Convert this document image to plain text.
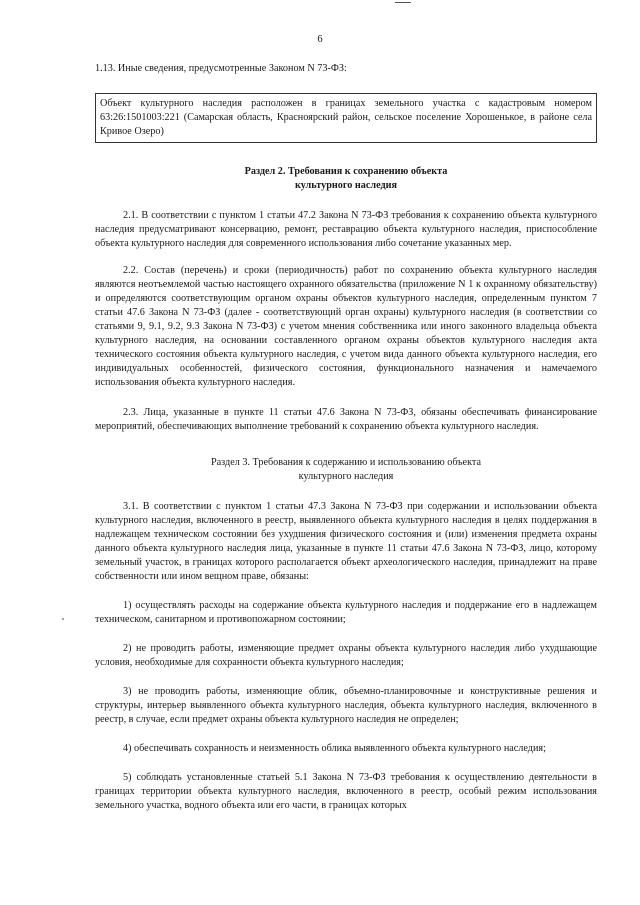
6

1.13. Иные сведения, предусмотренные Законом N 73-ФЗ:

Объект культурного наследия расположен в границах земельного участка с кадастровым номером 63:26:1501003:221 (Самарская область, Красноярский район, сельское поселение Хорошенькое, в районе села Кривое Озеро)
Раздел 2. Требования к сохранению объекта
культурного наследия

2.1. В соответствии с пунктом 1 статьи 47.2 Закона N 73-ФЗ требования к сохранению объекта культурного наследия предусматривают консервацию, ремонт, реставрацию объекта культурного наследия, приспособление объекта культурного наследия для современного использования либо сочетание указанных мер.

2.2. Состав (перечень) и сроки (периодичность) работ по сохранению объекта культурного наследия являются неотъемлемой частью настоящего охранного обязательства (приложение N 1 к охранному обязательству) и определяются соответствующим органом охраны объектов культурного наследия, определенным пунктом 7 статьи 47.6 Закона N 73-ФЗ (далее - соответствующий орган охраны) культурного наследия (в соответствии со статьями 9, 9.1, 9.2, 9.3 Закона N 73-ФЗ) с учетом мнения собственника или иного законного владельца объекта культурного наследия, на основании составленного органом охраны объектов культурного наследия акта технического состояния объекта культурного наследия, с учетом вида данного объекта культурного наследия, его индивидуальных особенностей, физического состояния, функционального назначения и намечаемого использования объекта культурного наследия.

2.3. Лица, указанные в пункте 11 статьи 47.6 Закона N 73-ФЗ, обязаны обеспечивать финансирование мероприятий, обеспечивающих выполнение требований к сохранению объекта культурного наследия.

Раздел 3. Требования к содержанию и использованию объекта
культурного наследия

3.1. В соответствии с пунктом 1 статьи 47.3 Закона N 73-ФЗ при содержании и использовании объекта культурного наследия, включенного в реестр, выявленного объекта культурного наследия в целях поддержания в надлежащем техническом состоянии без ухудшения физического состояния и (или) изменения предмета охраны данного объекта культурного наследия лица, указанные в пункте 11 статьи 47.6 Закона N 73-ФЗ, лицо, которому земельный участок, в границах которого располагается объект археологического наследия, принадлежит на праве собственности или ином вещном праве, обязаны:

1) осуществлять расходы на содержание объекта культурного наследия и поддержание его в надлежащем техническом, санитарном и противопожарном состоянии;

2) не проводить работы, изменяющие предмет охраны объекта культурного наследия либо ухудшающие условия, необходимые для сохранности объекта культурного наследия;

3) не проводить работы, изменяющие облик, объемно-планировочные и конструктивные решения и структуры, интерьер выявленного объекта культурного наследия, объекта культурного наследия, включенного в реестр, в случае, если предмет охраны объекта культурного наследия не определен;

4) обеспечивать сохранность и неизменность облика выявленного объекта культурного наследия;

5) соблюдать установленные статьей 5.1 Закона N 73-ФЗ требования к осуществлению деятельности в границах территории объекта культурного наследия, включенного в реестр, особый режим использования земельного участка, водного объекта или его части, в границах которых
